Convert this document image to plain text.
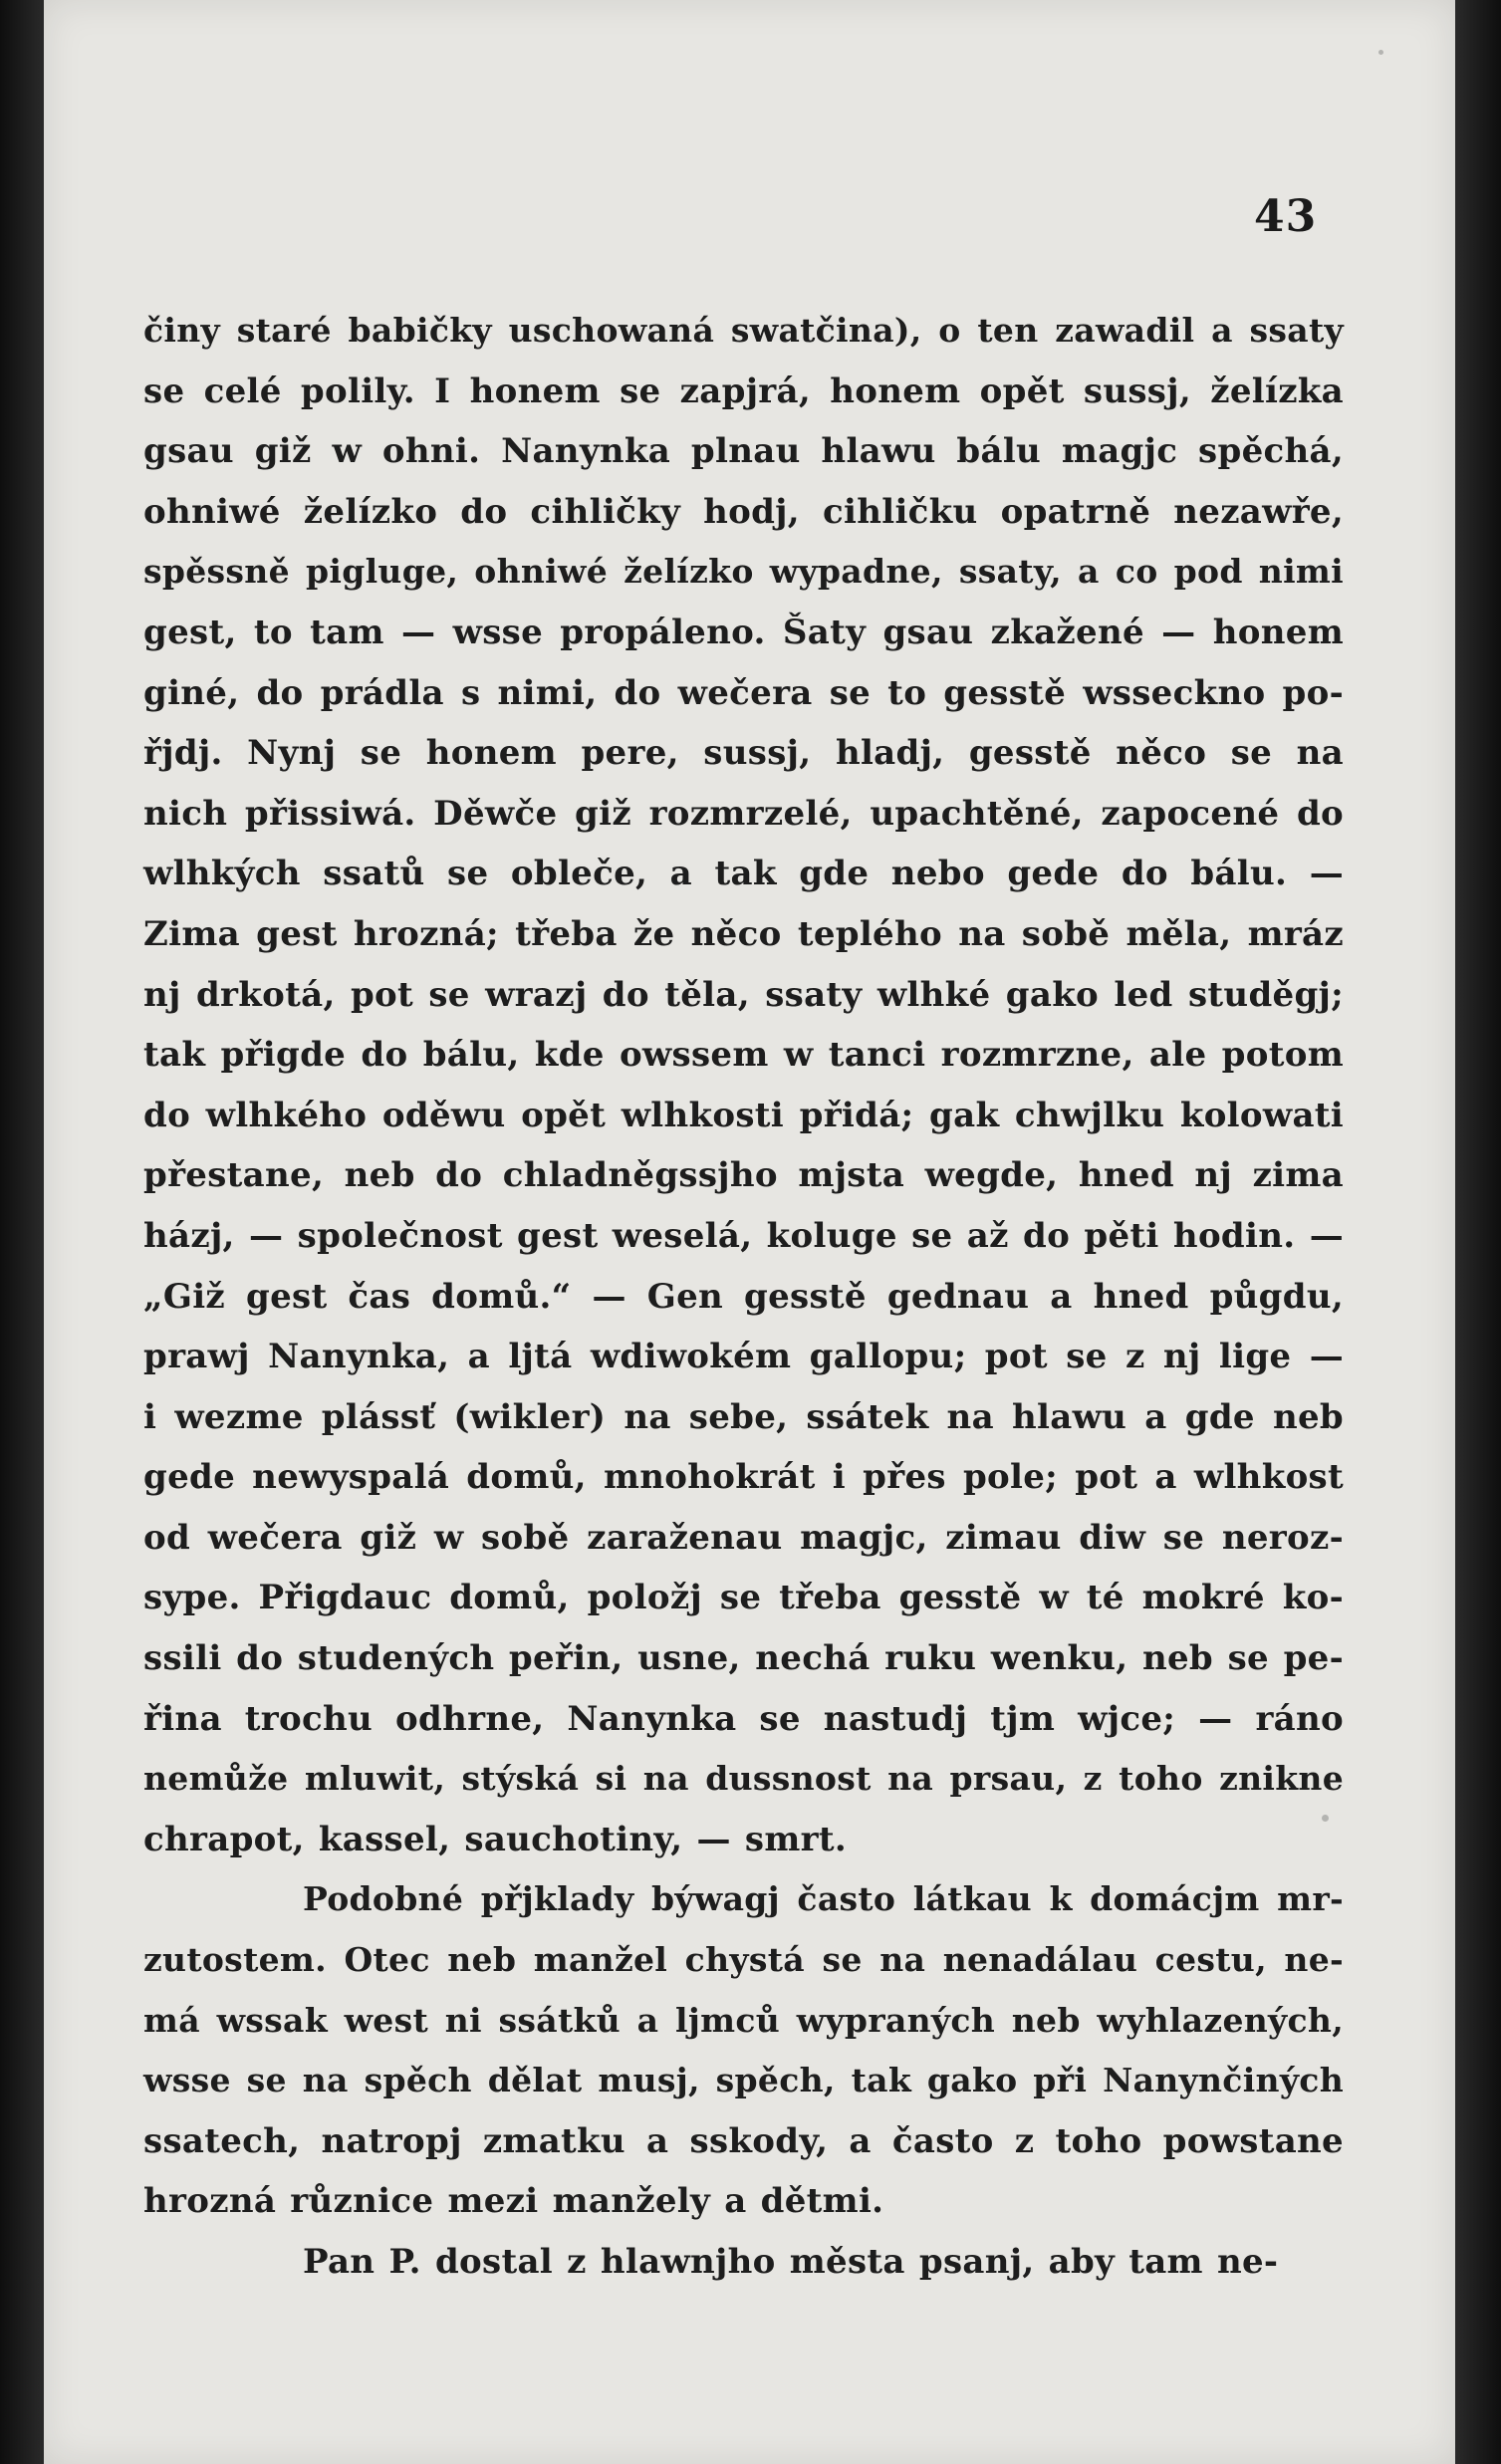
43
činy staré babičky uschowaná swatčina), o ten zawadil a ssaty
se celé polily. I honem se zapjrá, honem opět sussj, želízka
gsau giž w ohni. Nanynka plnau hlawu bálu magjc spěchá,
ohniwé želízko do cihličky hodj, cihličku opatrně nezawře,
spěssně pigluge, ohniwé želízko wypadne, ssaty, a co pod nimi
gest, to tam — wsse propáleno. Šaty gsau zkažené — honem
giné, do prádla s nimi, do wečera se to gesstě wsseckno po-
řjdj. Nynj se honem pere, sussj, hladj, gesstě něco se na
nich přissiwá. Děwče giž rozmrzelé, upachtěné, zapocené do
wlhkých ssatů se oblečе, a tak gde nebo gede do bálu. —
Zima gest hrozná; třeba že něco teplého na sobě měla, mráz
nj drkotá, pot se wrazj do těla, ssaty wlhké gako led studěgj;
tak přigde do bálu, kde owssem w tanci rozmrzne, ale potom
do wlhkého oděwu opět wlhkosti přidá; gak chwjlku kolowati
přestane, neb do chladněgssjho mjsta wegde, hned nj zima
házj, — společnost gest weselá, koluge se až do pěti hodin. —
„Giž gest čas domů.“ — Gen gesstě gednau a hned půgdu,
prawj Nanynka, a ljtá wdiwokém gallopu; pot se z nj lige —
i wezme plássť (wikler) na sebe, ssátek na hlawu a gde neb
gede newyspalá domů, mnohokrát i přes pole; pot a wlhkost
od wečera giž w sobě zaraženau magjc, zimau diw se neroz-
sype. Přigdauc domů, položj se třeba gesstě w té mokré ko-
ssili do studených peřin, usne, nechá ruku wenku, neb se pe-
řina trochu odhrne, Nanynka se nastudj tjm wjce; — ráno
nemůže mluwit, stýská si na dussnost na prsau, z toho znikne
chrapot, kassel, sauchotiny, — smrt.
Podobné přjklady býwagj často látkau k domácjm mr-
zutostem. Otec neb manžel chystá se na nenadálau cestu, ne-
má wssak west ni ssátků a ljmců wypraných neb wyhlazených,
wsse se na spěch dělat musj, spěch, tak gako při Nanynčiných
ssatech, natropj zmatku a sskody, a často z toho powstane
hrozná různice mezi manžely a dětmi.
Pan P. dostal z hlawnjho města psanj, aby tam ne-
